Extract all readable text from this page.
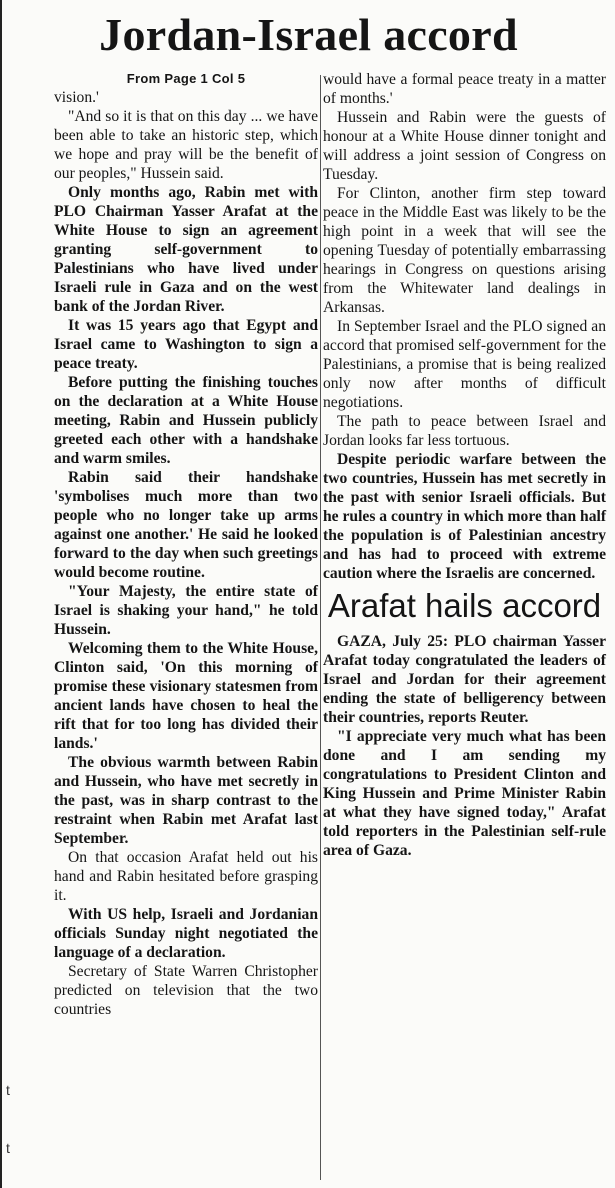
Jordan-Israel accord
From Page 1 Col 5

vision.'

"And so it is that on this day ... we have been able to take an historic step, which we hope and pray will be the benefit of our peoples," Hussein said.

Only months ago, Rabin met with PLO Chairman Yasser Arafat at the White House to sign an agreement granting self-government to Palestinians who have lived under Israeli rule in Gaza and on the west bank of the Jordan River.

It was 15 years ago that Egypt and Israel came to Washington to sign a peace treaty.

Before putting the finishing touches on the declaration at a White House meeting, Rabin and Hussein publicly greeted each other with a handshake and warm smiles.

Rabin said their handshake 'symbolises much more than two people who no longer take up arms against one another.' He said he looked forward to the day when such greetings would become routine.

"Your Majesty, the entire state of Israel is shaking your hand," he told Hussein.

Welcoming them to the White House, Clinton said, 'On this morning of promise these visionary statesmen from ancient lands have chosen to heal the rift that for too long has divided their lands.'

The obvious warmth between Rabin and Hussein, who have met secretly in the past, was in sharp contrast to the restraint when Rabin met Arafat last September.

On that occasion Arafat held out his hand and Rabin hesitated before grasping it.

With US help, Israeli and Jordanian officials Sunday night negotiated the language of a declaration.

Secretary of State Warren Christopher predicted on television that the two countries

would have a formal peace treaty in a matter of months.'

Hussein and Rabin were the guests of honour at a White House dinner tonight and will address a joint session of Congress on Tuesday.

For Clinton, another firm step toward peace in the Middle East was likely to be the high point in a week that will see the opening Tuesday of potentially embarrassing hearings in Congress on questions arising from the Whitewater land dealings in Arkansas.

In September Israel and the PLO signed an accord that promised self-government for the Palestinians, a promise that is being realized only now after months of difficult negotiations.

The path to peace between Israel and Jordan looks far less tortuous.

Despite periodic warfare between the two countries, Hussein has met secretly in the past with senior Israeli officials. But he rules a country in which more than half the population is of Palestinian ancestry and has had to proceed with extreme caution where the Israelis are concerned.

Arafat hails accord

GAZA, July 25: PLO chairman Yasser Arafat today congratulated the leaders of Israel and Jordan for their agreement ending the state of belligerency between their countries, reports Reuter.

"I appreciate very much what has been done and I am sending my congratulations to President Clinton and King Hussein and Prime Minister Rabin at what they have signed today," Arafat told reporters in the Palestinian self-rule area of Gaza.

t
t
